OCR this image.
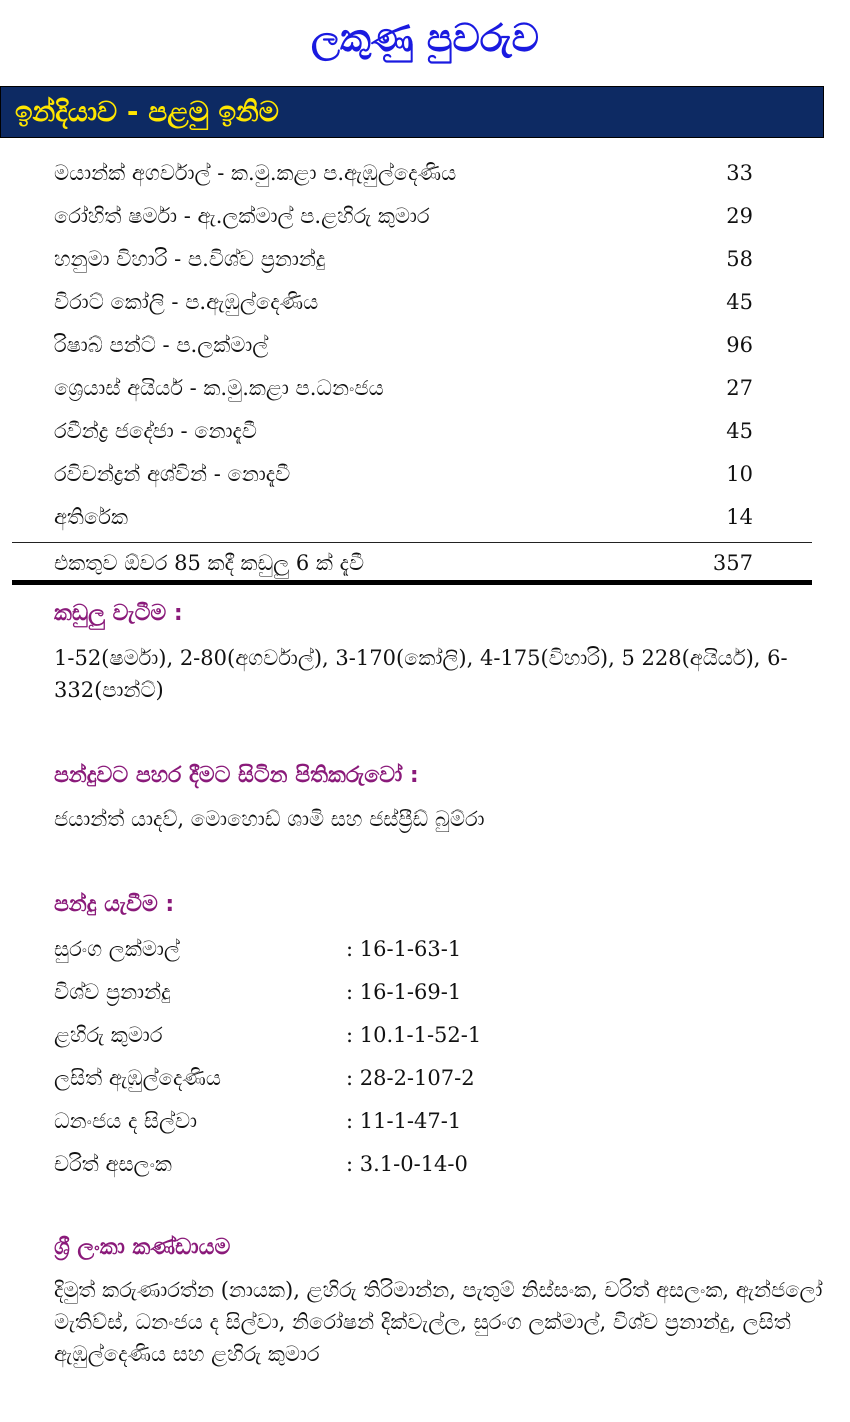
ලකුණු පුවරුව
ඉන්දියාව - පළමු ඉනිම
මයාන්ක් අගර්වාල් - ක.මු.කළා ප.ඇඹුල්දෙණිය	33
රෝහිත් ෂර්මා - ඇ.ලක්මාල් ප.ළහිරු කුමාර	29
හනුමා විහාරි - ප.විශ්ව ප්‍රනාන්දු	58
විරාට් කෝලි - ප.ඇඹුල්දෙණිය	45
රිෂාබ් පන්ට් - ප.ලක්මාල්	96
ශ්‍රෙයාස් අයියර් - ක.මු.කළා ප.ධනංජය	27
රවීන්ද්‍ර ජදේජා - නොදැවී	45
රවිචන්ද්‍රන් අශ්වින් - නොදැවී	10
අතිරේක	14
එකතුව ඕවර 85 කදී කඩුලු 6 ක් දැවී	357
කඩුලු වැටීම :
1-52(ෂර්මා), 2-80(අගර්වාල්), 3-170(කෝලි), 4-175(විහාරි), 5 228(අයියර්), 6-332(පාන්ට්)
පන්දුවට පහර දීමට සිටින පිතිකරුවෝ :
ජයාන්ත් යාදව්, මොහොඩ් ශාමි සහ ජස්ප්‍රීඩ් බුම්රා
පන්දු යැවීම :
සුරංග ලක්මාල්	: 16-1-63-1
විශ්ව ප්‍රනාන්දු	: 16-1-69-1
ළහිරු කුමාර	: 10.1-1-52-1
ලසිත් ඇඹුල්දෙණිය	: 28-2-107-2
ධනංජය ද සිල්වා	: 11-1-47-1
චරිත් අසලංක	: 3.1-0-14-0
ශ්‍රී ලංකා කණ්ඩායම
දිමුත් කරුණාරත්න (නායක), ළහිරු තිරිමාන්න, පැතුම් නිස්සංක, චරිත් අසලංක, ඇන්ජලෝ මැතිව්ස්, ධනංජය ද සිල්වා, නිරෝෂන් දික්වැල්ල, සුරංග ලක්මාල්, විශ්ව ප්‍රනාන්දු, ලසිත් ඇඹුල්දෙණිය සහ ළහිරු කුමාර
